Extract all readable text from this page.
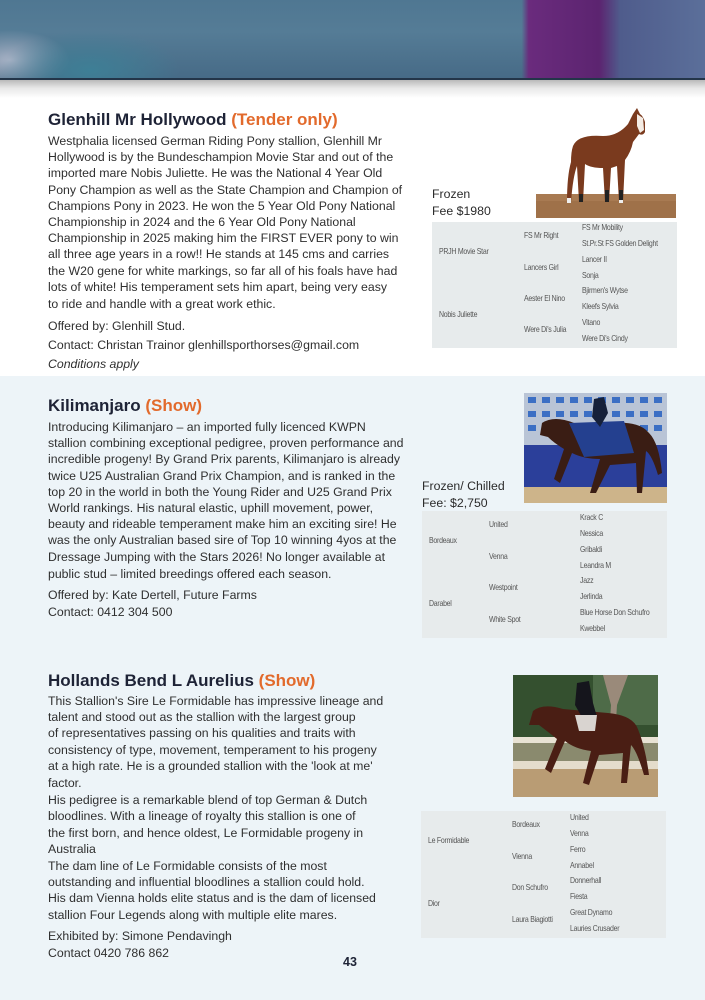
Glenhill Mr Hollywood (Tender only)

Westphalia licensed German Riding Pony stallion, Glenhill Mr

Hollywood is by the Bundeschampion Movie Star and out of the

imported mare Nobis Juliette. He was the National 4 Year Old

Pony Champion as well as the State Champion and Champion of

Champions Pony in 2023. He won the 5 Year Old Pony National

Championship in 2024 and the 6 Year Old Pony National

Championship in 2025 making him the FIRST EVER pony to win

all three age years in a row!! He stands at 145 cms and carries

the W20 gene for white markings, so far all of his foals have had

lots of white! His temperament sets him apart, being very easy

to ride and handle with a great work ethic.

Offered by: Glenhill Stud.

Contact: Christan Trainor glenhillsporthorses@gmail.com

Conditions apply

Frozen
Fee $1980
PRJH Movie Star
Nobis Juliette
FS Mr Right
Lancers Girl
Aester El Nino
Were Di's Julia
FS Mr Mobility
St.Pr.St FS Golden Delight
Lancer II
Sonja
Bjirmen's Wytse
Kleefs Sylvia
Vitano
Were Di's Cindy
Kilimanjaro (Show)

Introducing Kilimanjaro – an imported fully licenced KWPN

stallion combining exceptional pedigree, proven performance and

incredible progeny! By Grand Prix parents, Kilimanjaro is already

twice U25 Australian Grand Prix Champion, and is ranked in the

top 20 in the world in both the Young Rider and U25 Grand Prix

World rankings. His natural elastic, uphill movement, power,

beauty and rideable temperament make him an exciting sire! He

was the only Australian based sire of Top 10 winning 4yos at the

Dressage Jumping with the Stars 2026! No longer available at

public stud – limited breedings offered each season.

Offered by: Kate Dertell, Future Farms

Contact: 0412 304 500

Frozen/ Chilled
Fee: $2,750
Bordeaux
Darabel
United
Venna
Westpoint
White Spot
Krack C
Nessica
Gribaldi
Leandra M
Jazz
Jerlinda
Blue Horse Don Schufro
Kwebbel
Hollands Bend L Aurelius (Show)

This Stallion's Sire Le Formidable has impressive lineage and

talent and stood out as the stallion with the largest group

of representatives passing on his qualities and traits with

consistency of type, movement, temperament to his progeny

at a high rate. He is a grounded stallion with the 'look at me'

factor.

His pedigree is a remarkable blend of top German & Dutch

bloodlines. With a lineage of royalty this stallion is one of

the first born, and hence oldest, Le Formidable progeny in

Australia

The dam line of Le Formidable consists of the most

outstanding and influential bloodlines a stallion could hold.

His dam Vienna holds elite status and is the dam of licensed

stallion Four Legends along with multiple elite mares.

Exhibited by: Simone Pendavingh

Contact 0420 786 862

Le Formidable
Dior
Bordeaux
Vienna
Don Schufro
Laura Biagiotti
United
Venna
Ferro
Annabel
Donnerhall
Fiesta
Great Dynamo
Lauries Crusader
43
